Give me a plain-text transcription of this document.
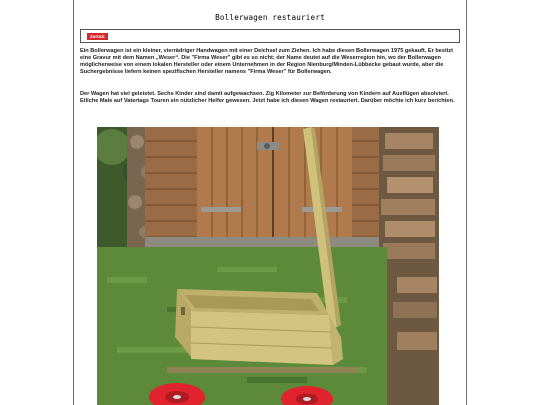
Bollerwagen restauriert
Zurück

Ein Bollerwagen ist ein kleiner, vierrädriger Handwagen mit einer Deichsel zum Ziehen. Ich habe diesen Bollerwagen 1975 gekauft. Er besitzt eine Gravur mit dem Namen „Weser“. Die "Firma Weser" gibt es so nicht; der Name deutet auf die Weserregion hin, wo der Bollerwagen möglicherweise von einem lokalen Hersteller oder einem Unternehmen in der Region Nienburg/Minden-Lübbecke gebaut wurde, aber die Suchergebnisse liefern keinen spezifischen Hersteller namens "Firma Weser" für Bollerwagen.

Der Wagen hat viel geleistet. Sechs Kinder sind damit aufgewachsen. Zig Kilometer zur Beförderung von Kindern auf Ausflügen absolviert. Etliche Male auf Vatertags Touren ein nützlicher Helfer gewesen. Jetzt habe ich diesen Wagen restauriert. Darüber möchte ich kurz berichten.
